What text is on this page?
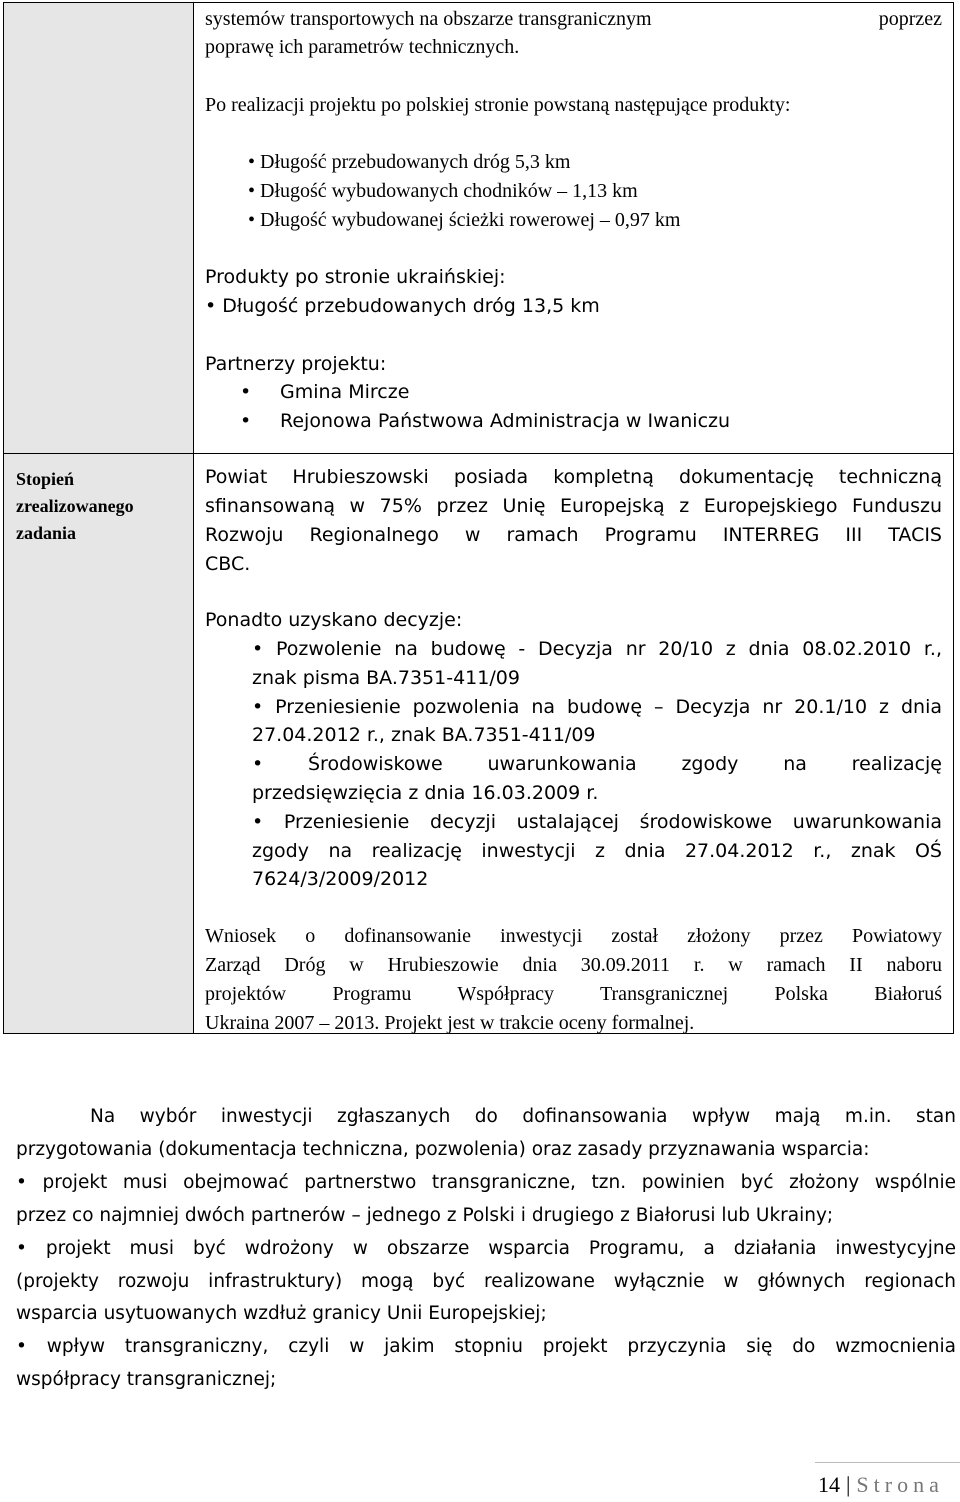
Stopień
zrealizowanego
zadania
systemów transportowych na obszarze transgranicznym	poprzez
poprawę ich parametrów technicznych.
Po realizacji projektu po polskiej stronie powstaną następujące produkty:
• Długość przebudowanych dróg 5,3 km
• Długość wybudowanych chodników – 1,13 km
• Długość wybudowanej ścieżki rowerowej – 0,97 km
Produkty po stronie ukraińskiej:
• Długość przebudowanych dróg 13,5 km
Partnerzy projektu:
• Gmina Mircze
• Rejonowa Państwowa Administracja w Iwaniczu
Powiat Hrubieszowski posiada kompletną dokumentację techniczną
sfinansowaną w 75% przez Unię Europejską z Europejskiego Funduszu
Rozwoju Regionalnego w ramach Programu INTERREG III TACIS
CBC.
Ponadto uzyskano decyzje:
• Pozwolenie na budowę - Decyzja nr 20/10 z dnia 08.02.2010 r.,
znak pisma BA.7351-411/09
• Przeniesienie pozwolenia na budowę – Decyzja nr 20.1/10 z dnia
27.04.2012 r., znak BA.7351-411/09
• Środowiskowe uwarunkowania zgody na realizację
przedsięwzięcia z dnia 16.03.2009 r.
• Przeniesienie decyzji ustalającej środowiskowe uwarunkowania
zgody na realizację inwestycji z dnia 27.04.2012 r., znak OŚ
7624/3/2009/2012
Wniosek o dofinansowanie inwestycji został złożony przez Powiatowy
Zarząd Dróg w Hrubieszowie dnia 30.09.2011 r. w ramach II naboru
projektów Programu Współpracy Transgranicznej Polska Białoruś
Ukraina 2007 – 2013. Projekt jest w trakcie oceny formalnej.
Na wybór inwestycji zgłaszanych do dofinansowania wpływ mają m.in. stan
przygotowania (dokumentacja techniczna, pozwolenia) oraz zasady przyznawania wsparcia:
• projekt musi obejmować partnerstwo transgraniczne, tzn. powinien być złożony wspólnie
przez co najmniej dwóch partnerów – jednego z Polski i drugiego z Białorusi lub Ukrainy;
• projekt musi być wdrożony w obszarze wsparcia Programu, a działania inwestycyjne
(projekty rozwoju infrastruktury) mogą być realizowane wyłącznie w głównych regionach
wsparcia usytuowanych wzdłuż granicy Unii Europejskiej;
• wpływ transgraniczny, czyli w jakim stopniu projekt przyczynia się do wzmocnienia
współpracy transgranicznej;
14 | Strona
